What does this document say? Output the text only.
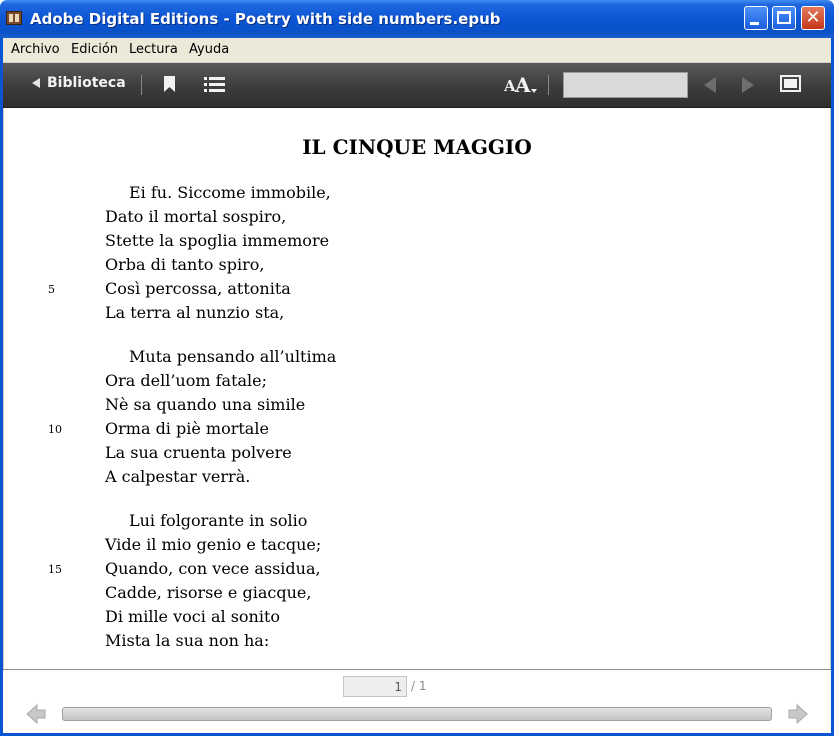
Adobe Digital Editions - Poetry with side numbers.epub	✕
Archivo Edición Lectura Ayuda
Biblioteca	A A
IL CINQUE MAGGIO
Ei fu. Siccome immobile,
Dato il mortal sospiro,
Stette la spoglia immemore
Orba di tanto spiro,
Così percossa, attonita
5
La terra al nunzio sta,
Muta pensando all’ultima
Ora dell’uom fatale;
Nè sa quando una simile
Orma di piè mortale
10
La sua cruenta polvere
A calpestar verrà.
Lui folgorante in solio
Vide il mio genio e tacque;
Quando, con vece assidua,
15
Cadde, risorse e giacque,
Di mille voci al sonito
Mista la sua non ha:
1
/ 1
